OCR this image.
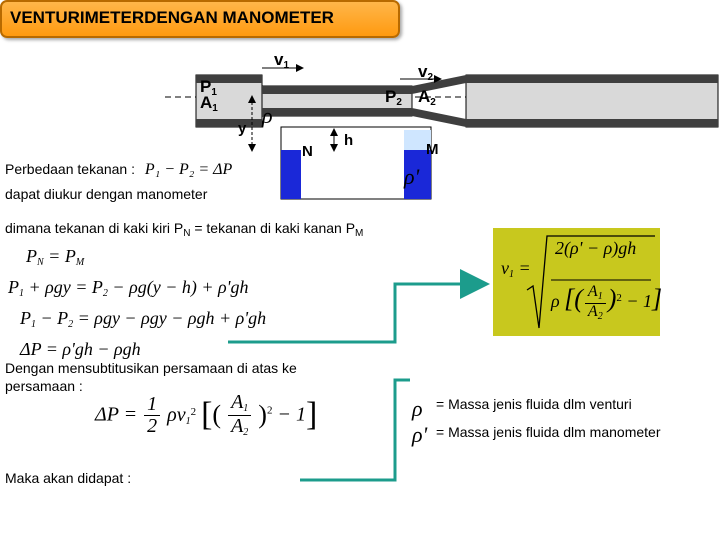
VENTURIMETERDENGAN MANOMETER
$v_1$	$v_2$
$P_1$
$A_1$
$P_2$ $A_2$
y
h
N	M
ρ
ρ'
Perbedaan tekanan : P₁ − P₂ = ΔP
dapat diukur dengan manometer
dimana tekanan di kaki kiri $P_N$ = tekanan di kaki kanan $P_M$
$P_N = P_M$
$P_1 + \rho gy = P_2 - \rho g(y - h) + \rho'gh$
$P_1 - P_2 = \rho gy - \rho gy - \rho gh + \rho'gh$
ΔP = ρ'gh − ρgh
Dengan mensubtitusikan persamaan di atas ke
persamaan :
$\Delta P = \frac{1}{2} \rho v_1^2$ [( $\frac{A_1}{A_2} )^2 - 1$]
$v_1$ =
2(ρ' − ρ)gh
ρ [( $\frac{A_1}{A_2} )^2 - 1$]
ρ = Massa jenis fluida dlm venturi
ρ' = Massa jenis fluida dlm manometer
Maka akan didapat :
